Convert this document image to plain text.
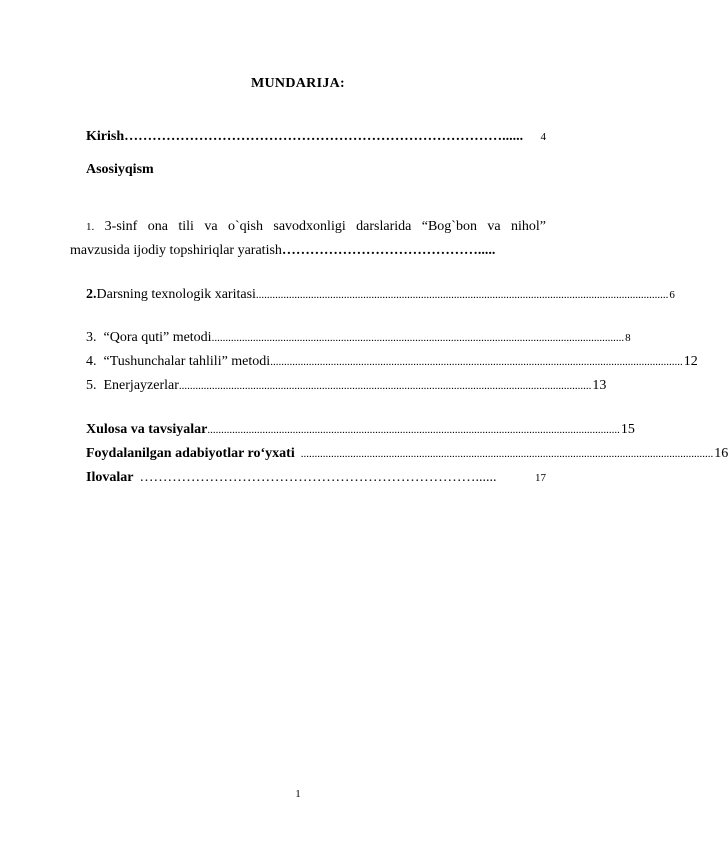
MUNDARIJA:
Kirish ………………………………………………………………………......	4
Asosiyqism
1. 3-sinf ona tili va o`qish savodxonligi darslarida “Bog`bon va nihol”
mavzusida ijodiy topshiriqlar yaratish…………………………………….....
2.Darsning texnologik xaritasi ...................................................................................................................................................... 6
3. “Qora quti” metodi ...................................................................................................................................................... 8
4. “Tushunchalar tahlili” metodi ...................................................................................................................................................... 12
5. Enerjayzerlar ...................................................................................................................................................... 13
Xulosa va tavsiyalar ...................................................................................................................................................... 15
Foydalanilgan adabiyotlar ro‘yxati ...................................................................................................................................................... 16
Ilovalar ………………………………………………………………......	17
1
